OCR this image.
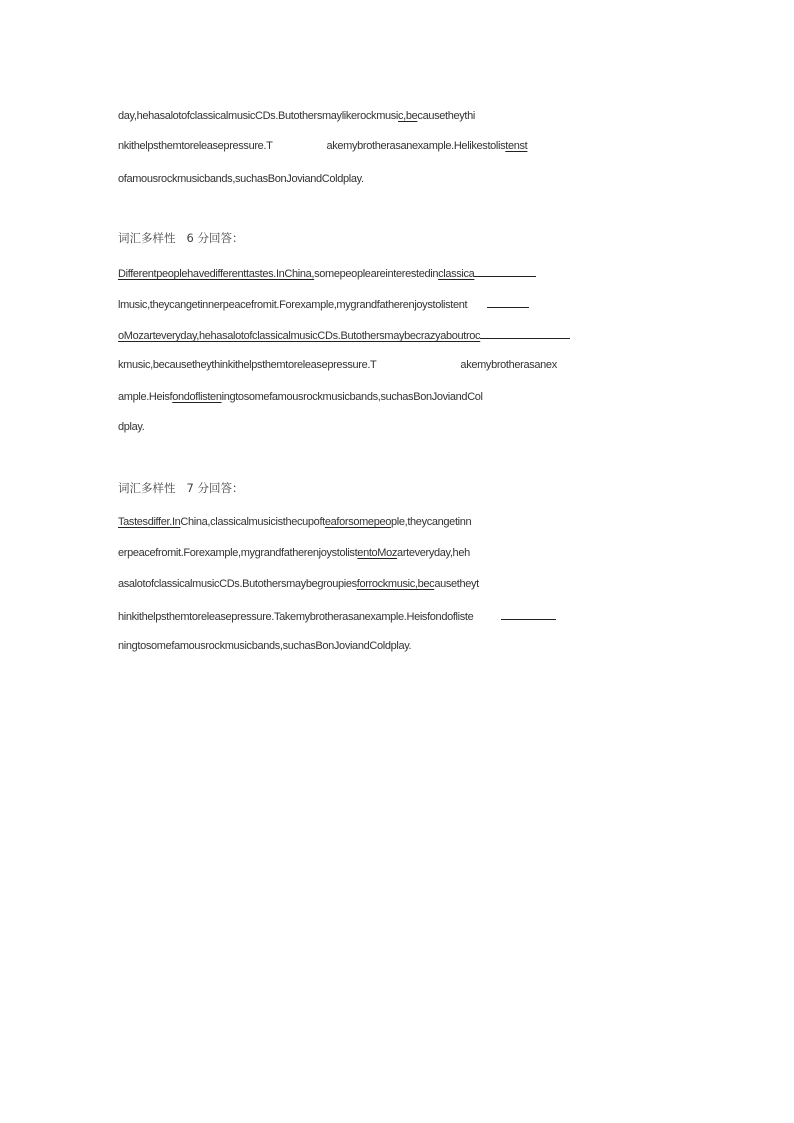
day,hehasalotofclassicalmusicCDs.Butothersmaylikerockmusic,becausetheythi
nkithelpsthemtoreleasepressure.T	akemybrotherasanexample.Helikestolistenst
ofamousrockmusicbands,suchasBonJoviandColdplay.
词汇多样性   6 分回答：
Differentpeoplehavedifferenttastes.InChina,somepeopleareinterestedinclassica
lmusic,theycangetinnerpeacefromit.Forexample,mygrandfatherenjoystolistent
oMozarteveryday,hehasalotofclassicalmusicCDs.Butothersmaybecrazyaboutroc
kmusic,becausetheythinkithelpsthemtoreleasepressure.T	akemybrotherasanex
ample.Heisfondoflisteningtosomefamousrockmusicbands,suchasBonJoviandCol
dplay.
词汇多样性   7 分回答：
Tastesdiffer.InChina,classicalmusicisthecupofteaforsomepeople,theycangetinn
erpeacefromit.Forexample,mygrandfatherenjoystolistentoMozarteveryday,heh
asalotofclassicalmusicCDs.Butothersmaybegroupiesforrockmusic,becausetheyt
hinkithelpsthemtoreleasepressure.Takemybrotherasanexample.Heisfondofliste
ningtosomefamousrockmusicbands,suchasBonJoviandColdplay.
